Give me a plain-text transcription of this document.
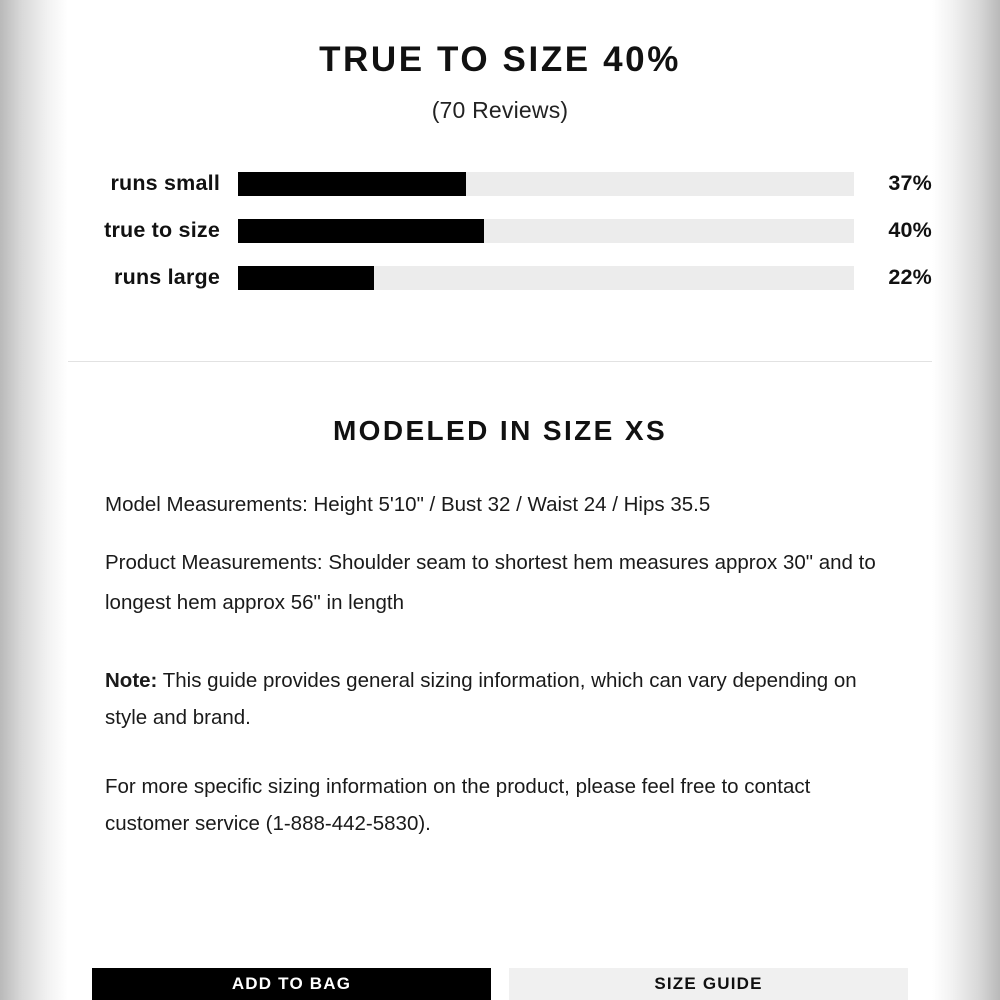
TRUE TO SIZE 40%
(70 Reviews)
runs small	37%
true to size	40%
runs large	22%
MODELED IN SIZE XS

Model Measurements: Height 5'10" / Bust 32 / Waist 24 / Hips 35.5

Product Measurements: Shoulder seam to shortest hem measures approx 30" and to longest hem approx 56" in length

Note: This guide provides general sizing information, which can vary depending on style and brand.

For more specific sizing information on the product, please feel free to contact customer service (1-888-442-5830).

ADD TO BAG	SIZE GUIDE
